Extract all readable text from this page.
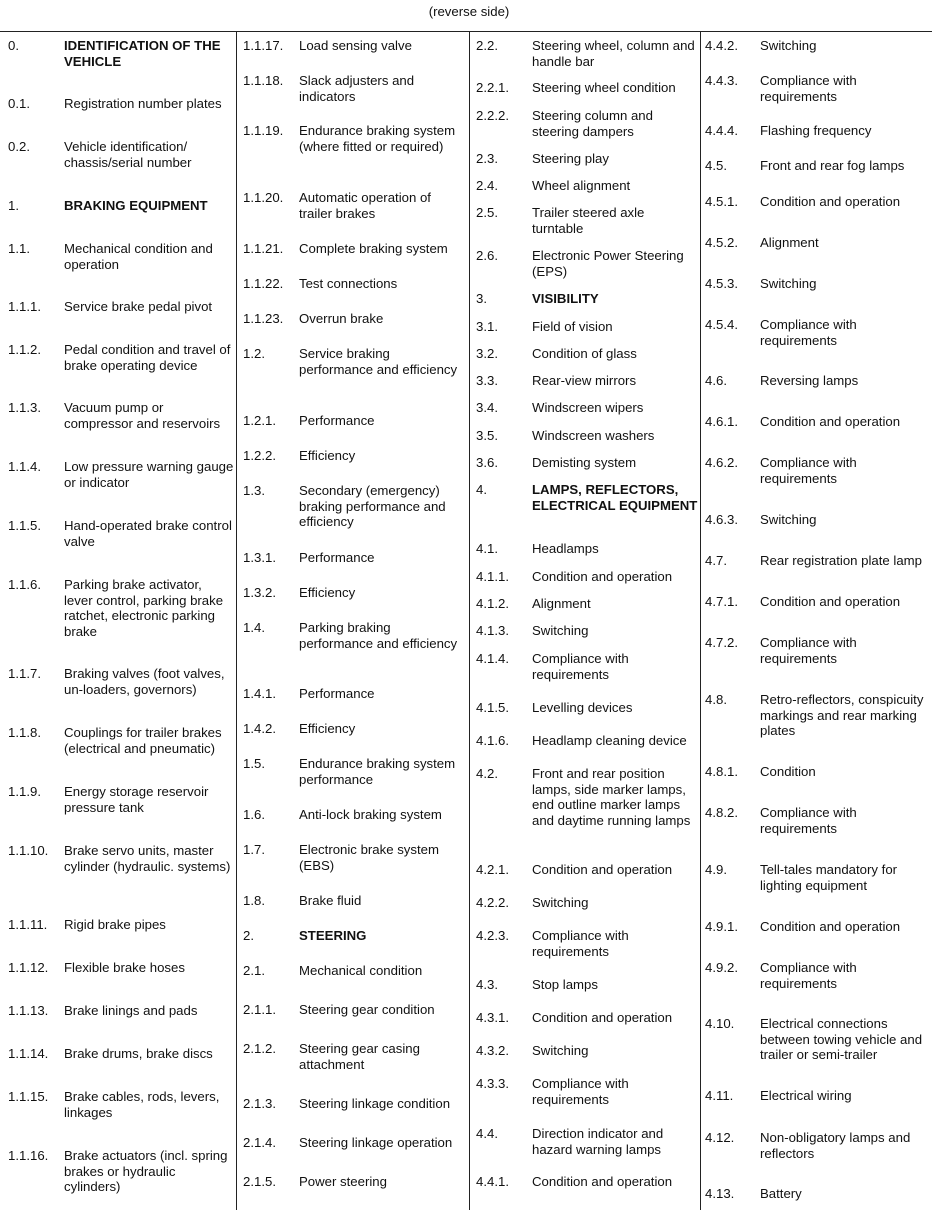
(reverse side)
0.	IDENTIFICATION OF THE VEHICLE
0.1.	Registration number plates
0.2.	Vehicle identification/ chassis/serial number
1.	BRAKING EQUIPMENT
1.1.	Mechanical condition and operation
1.1.1.	Service brake pedal pivot
1.1.2.	Pedal condition and travel of brake operating device
1.1.3.	Vacuum pump or compressor and reservoirs
1.1.4.	Low pressure warning gauge or indicator
1.1.5.	Hand-operated brake control valve
1.1.6.	Parking brake activator, lever control, parking brake ratchet, electronic parking brake
1.1.7.	Braking valves (foot valves, un-loaders, governors)
1.1.8.	Couplings for trailer brakes (electrical and pneumatic)
1.1.9.	Energy storage reservoir pressure tank
1.1.10.	Brake servo units, master cylinder (hydraulic. systems)
1.1.11.	Rigid brake pipes
1.1.12.	Flexible brake hoses
1.1.13.	Brake linings and pads
1.1.14.	Brake drums, brake discs
1.1.15.	Brake cables, rods, levers, linkages
1.1.16.	Brake actuators (incl. spring brakes or hydraulic cylinders)
1.1.17.	Load sensing valve
1.1.18.	Slack adjusters and indicators
1.1.19.	Endurance braking system (where fitted or required)
1.1.20.	Automatic operation of trailer brakes
1.1.21.	Complete braking system
1.1.22.	Test connections
1.1.23.	Overrun brake
1.2.	Service braking performance and efficiency
1.2.1.	Performance
1.2.2.	Efficiency
1.3.	Secondary (emergency) braking performance and efficiency
1.3.1.	Performance
1.3.2.	Efficiency
1.4.	Parking braking performance and efficiency
1.4.1.	Performance
1.4.2.	Efficiency
1.5.	Endurance braking system performance
1.6.	Anti-lock braking system
1.7.	Electronic brake system (EBS)
1.8.	Brake fluid
2.	STEERING
2.1.	Mechanical condition
2.1.1.	Steering gear condition
2.1.2.	Steering gear casing attachment
2.1.3.	Steering linkage condition
2.1.4.	Steering linkage operation
2.1.5.	Power steering
2.2.	Steering wheel, column and handle bar
2.2.1.	Steering wheel condition
2.2.2.	Steering column and steering dampers
2.3.	Steering play
2.4.	Wheel alignment
2.5.	Trailer steered axle turntable
2.6.	Electronic Power Steering (EPS)
3.	VISIBILITY
3.1.	Field of vision
3.2.	Condition of glass
3.3.	Rear-view mirrors
3.4.	Windscreen wipers
3.5.	Windscreen washers
3.6.	Demisting system
4.	LAMPS, REFLECTORS, ELECTRICAL EQUIPMENT
4.1.	Headlamps
4.1.1.	Condition and operation
4.1.2.	Alignment
4.1.3.	Switching
4.1.4.	Compliance with requirements
4.1.5.	Levelling devices
4.1.6.	Headlamp cleaning device
4.2.	Front and rear position lamps, side marker lamps, end outline marker lamps and daytime running lamps
4.2.1.	Condition and operation
4.2.2.	Switching
4.2.3.	Compliance with requirements
4.3.	Stop lamps
4.3.1.	Condition and operation
4.3.2.	Switching
4.3.3.	Compliance with requirements
4.4.	Direction indicator and hazard warning lamps
4.4.1.	Condition and operation
4.4.2.	Switching
4.4.3.	Compliance with requirements
4.4.4.	Flashing frequency
4.5.	Front and rear fog lamps
4.5.1.	Condition and operation
4.5.2.	Alignment
4.5.3.	Switching
4.5.4.	Compliance with requirements
4.6.	Reversing lamps
4.6.1.	Condition and operation
4.6.2.	Compliance with requirements
4.6.3.	Switching
4.7.	Rear registration plate lamp
4.7.1.	Condition and operation
4.7.2.	Compliance with requirements
4.8.	Retro-reflectors, conspicuity markings and rear marking plates
4.8.1.	Condition
4.8.2.	Compliance with requirements
4.9.	Tell-tales mandatory for lighting equipment
4.9.1.	Condition and operation
4.9.2.	Compliance with requirements
4.10.	Electrical connections between towing vehicle and trailer or semi-trailer
4.11.	Electrical wiring
4.12.	Non-obligatory lamps and reflectors
4.13.	Battery
